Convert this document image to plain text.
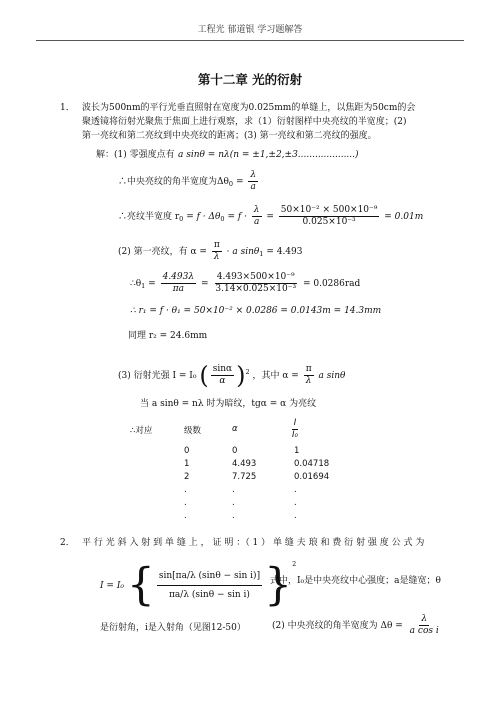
工程光 郁道银 学习题解答
第十二章 光的衍射
1． 波长为500nm的平行光垂直照射在宽度为0.025mm的单缝上，以焦距为50cm的会
聚透镜将衍射光聚焦于焦面上进行观察，求（1）衍射图样中央亮纹的半宽度；(2)
第一亮纹和第二亮纹到中央亮纹的距离；(3) 第一亮纹和第二亮纹的强度。
解：(1) 零强度点有 a sinθ = nλ(n = ±1,±2,±3....................)
∴中央亮纹的角半宽度为$\Delta\theta_0 = \frac{\lambda}{a}$
∴亮纹半宽度 $r_0 = f \cdot \Delta\theta_0 = f \cdot \frac{\lambda}{a} = \frac{\text{50×10⁻² × 500×10⁻⁹}}{\text{0.025×10⁻³}} = 0.01m$
(2) 第一亮纹，有 $\alpha = \frac{\pi}{\lambda} \cdot a$ sinθ$_1$ = 4.493
$\therefore\theta_1 = \frac{4.493\lambda}{\pi a} = \frac{\text{4.493×500×10⁻⁹}}{\text{3.14×0.025×10⁻³}} = 0.0286rad$
∴ r₁ = f · θ₁ = 50×10⁻² × 0.0286 = 0.0143m = 14.3mm
同理 r₂ = 24.6mm
(3) 衍射光强 I = I₀ ( $\frac{\sin\alpha}{\alpha} )^2$ ，其中 $\alpha = \frac{\pi}{\lambda}$ a sinθ
当 a sinθ = nλ 时为暗纹，tgα = α 为亮纹
∴对应	级数	α	$\frac{I}{\text{I₀}}$
0	0	1
1	4.493	0.04718
2	7.725	0.01694
.	.	.
.	.	.
.	.	.
2． 平 行 光 斜 入 射 到 单 缝 上 ， 证 明 ：（ 1 ） 单 缝 夫 琅 和 费 衍 射 强 度 公 式 为
I = I₀ { $\frac{\text{sin[πa/λ (sinθ − sin i)]}}{\text{πa/λ (sinθ − sin i)}} \}^2$
式中，I₀是中央亮纹中心强度；a是缝宽；θ
是衍射角，i是入射角（见图12-50）	(2) 中央亮纹的角半宽度为 $\Delta\theta = \frac{\lambda}{\text{a cos i}}$
